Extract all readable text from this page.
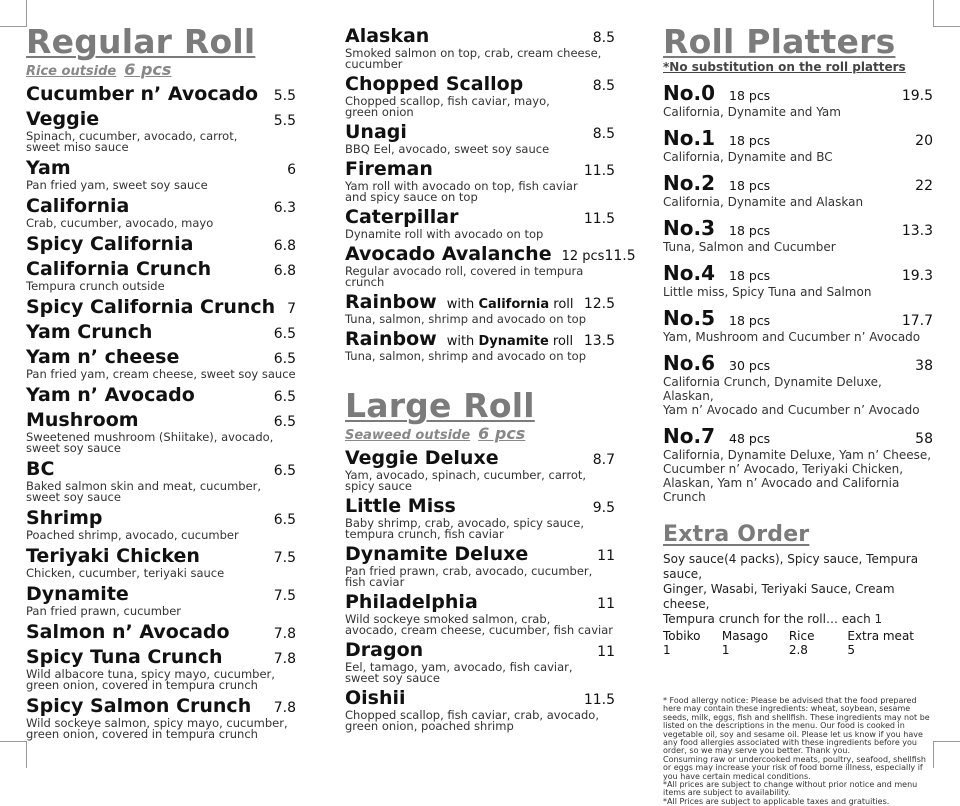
Regular Roll
Rice outside 6 pcs
Cucumber n’ Avocado 5.5
Veggie	5.5
Spinach, cucumber, avocado, carrot,
sweet miso sauce
Yam	6
Pan fried yam, sweet soy sauce
California	6.3
Crab, cucumber, avocado, mayo
Spicy California	6.8
California Crunch	6.8
Tempura crunch outside
Spicy California Crunch 7
Yam Crunch	6.5
Yam n’ cheese	6.5
Pan fried yam, cream cheese, sweet soy sauce
Yam n’ Avocado	6.5
Mushroom	6.5
Sweetened mushroom (Shiitake), avocado,
sweet soy sauce
BC	6.5
Baked salmon skin and meat, cucumber,
sweet soy sauce
Shrimp	6.5
Poached shrimp, avocado, cucumber
Teriyaki Chicken	7.5
Chicken, cucumber, teriyaki sauce
Dynamite	7.5
Pan fried prawn, cucumber
Salmon n’ Avocado	7.8
Spicy Tuna Crunch	7.8
Wild albacore tuna, spicy mayo, cucumber,
green onion, covered in tempura crunch
Spicy Salmon Crunch 7.8
Wild sockeye salmon, spicy mayo, cucumber,
green onion, covered in tempura crunch
Alaskan	8.5
Smoked salmon on top, crab, cream cheese,
cucumber
Chopped Scallop	8.5
Chopped scallop, fish caviar, mayo,
green onion
Unagi	8.5
BBQ Eel, avocado, sweet soy sauce
Fireman	11.5
Yam roll with avocado on top, fish caviar
and spicy sauce on top
Caterpillar	11.5
Dynamite roll with avocado on top
Avocado Avalanche 12 pcs 11.5
Regular avocado roll, covered in tempura
crunch
Rainbow with California roll 12.5
Tuna, salmon, shrimp and avocado on top
Rainbow with Dynamite roll 13.5
Tuna, salmon, shrimp and avocado on top
Large Roll
Seaweed outside 6 pcs
Veggie Deluxe	8.7
Yam, avocado, spinach, cucumber, carrot,
spicy sauce
Little Miss	9.5
Baby shrimp, crab, avocado, spicy sauce,
tempura crunch, fish caviar
Dynamite Deluxe	11
Pan fried prawn, crab, avocado, cucumber,
fish caviar
Philadelphia	11
Wild sockeye smoked salmon, crab,
avocado, cream cheese, cucumber, fish caviar
Dragon	11
Eel, tamago, yam, avocado, fish caviar,
sweet soy sauce
Oishii	11.5
Chopped scallop, fish caviar, crab, avocado,
green onion, poached shrimp
Roll Platters
*No substitution on the roll platters
No.0 18 pcs	19.5
California, Dynamite and Yam
No.1 18 pcs	20
California, Dynamite and BC
No.2 18 pcs	22
California, Dynamite and Alaskan
No.3 18 pcs	13.3
Tuna, Salmon and Cucumber
No.4 18 pcs	19.3
Little miss, Spicy Tuna and Salmon
No.5 18 pcs	17.7
Yam, Mushroom and Cucumber n’ Avocado
No.6 30 pcs	38
California Crunch, Dynamite Deluxe, Alaskan,
Yam n’ Avocado and Cucumber n’ Avocado
No.7 48 pcs	58
California, Dynamite Deluxe, Yam n’ Cheese,
Cucumber n’ Avocado, Teriyaki Chicken,
Alaskan, Yam n’ Avocado and California Crunch
Extra Order
Soy sauce(4 packs), Spicy sauce, Tempura sauce,
Ginger, Wasabi, Teriyaki Sauce, Cream cheese,
Tempura crunch for the roll… each 1
Tobiko 1
Masago 1
Rice 2.8
Extra meat 5

* Food allergy notice: Please be advised that the food prepared here may contain these ingredients: wheat, soybean, sesame seeds, milk, eggs, fish and shellfish. These ingredients may not be listed on the descriptions in the menu. Our food is cooked in vegetable oil, soy and sesame oil. Please let us know if you have any food allergies associated with these ingredients before you order, so we may serve you better. Thank you.

Consuming raw or undercooked meats, poultry, seafood, shellfish or eggs may increase your risk of food borne illness, especially if you have certain medical conditions.

*All prices are subject to change without prior notice and menu items are subject to availability.

*All Prices are subject to applicable taxes and gratuities.
